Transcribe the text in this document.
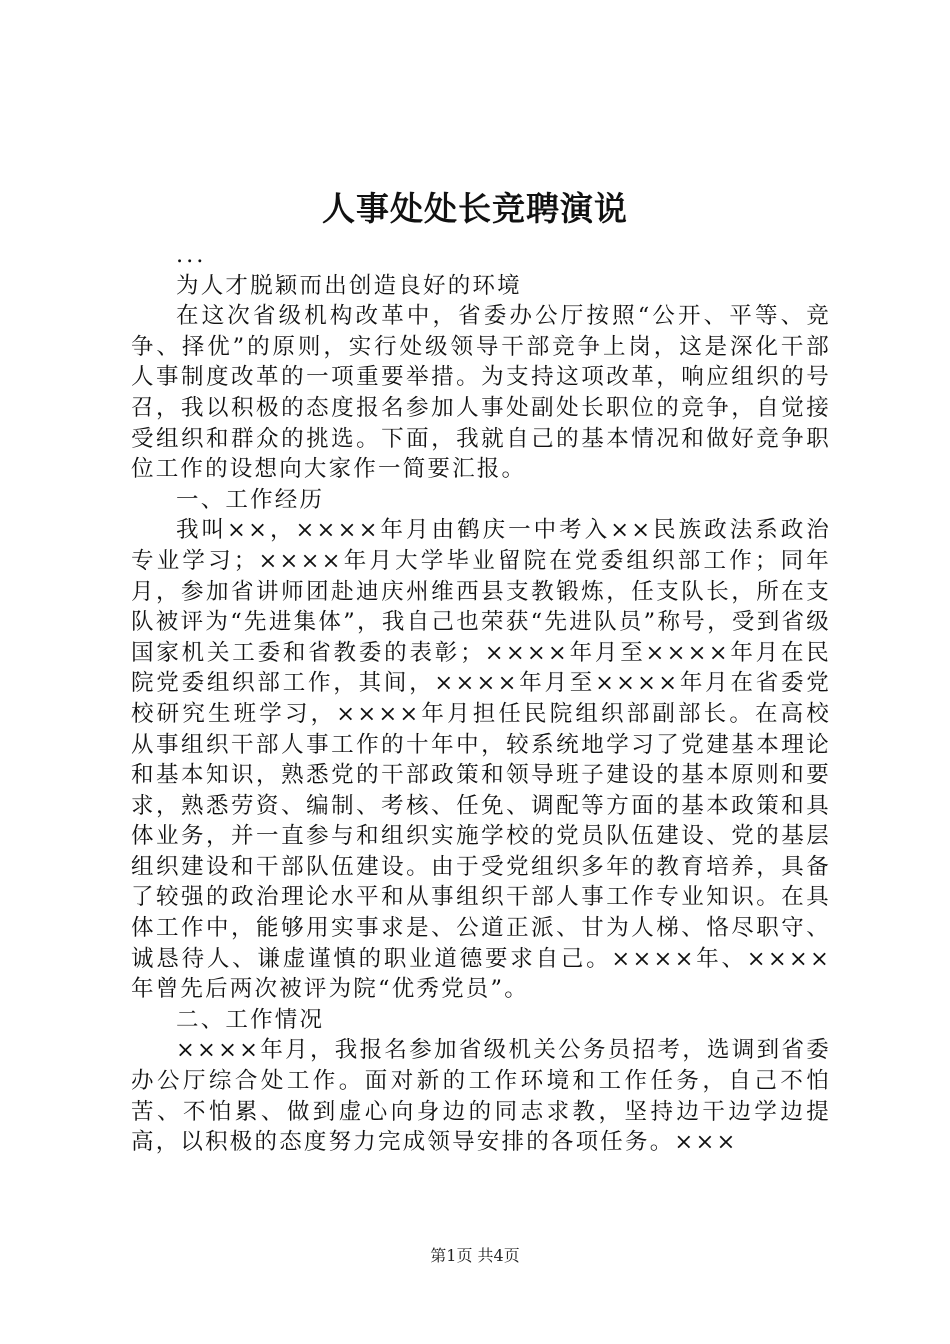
人事处处长竞聘演说

...

为人才脱颖而出创造良好的环境

在这次省级机构改革中，省委办公厅按照“公开、平等、竞争、择优”的原则，实行处级领导干部竞争上岗，这是深化干部人事制度改革的一项重要举措。为支持这项改革，响应组织的号召，我以积极的态度报名参加人事处副处长职位的竞争，自觉接受组织和群众的挑选。下面，我就自己的基本情况和做好竞争职位工作的设想向大家作一简要汇报。

一、工作经历

我叫××，××××年月由鹤庆一中考入××民族政法系政治专业学习；××××年月大学毕业留院在党委组织部工作；同年月，参加省讲师团赴迪庆州维西县支教锻炼，任支队长，所在支队被评为“先进集体”，我自己也荣获“先进队员”称号，受到省级国家机关工委和省教委的表彰；××××年月至××××年月在民院党委组织部工作，其间，××××年月至××××年月在省委党校研究生班学习，××××年月担任民院组织部副部长。在高校从事组织干部人事工作的十年中，较系统地学习了党建基本理论和基本知识，熟悉党的干部政策和领导班子建设的基本原则和要求，熟悉劳资、编制、考核、任免、调配等方面的基本政策和具体业务，并一直参与和组织实施学校的党员队伍建设、党的基层组织建设和干部队伍建设。由于受党组织多年的教育培养，具备了较强的政治理论水平和从事组织干部人事工作专业知识。在具体工作中，能够用实事求是、公道正派、甘为人梯、恪尽职守、诚恳待人、谦虚谨慎的职业道德要求自己。××××年、××××年曾先后两次被评为院“优秀党员”。

二、工作情况

××××年月，我报名参加省级机关公务员招考，选调到省委办公厅综合处工作。面对新的工作环境和工作任务，自己不怕苦、不怕累、做到虚心向身边的同志求教，坚持边干边学边提高，以积极的态度努力完成领导安排的各项任务。×××

第1页 共4页
